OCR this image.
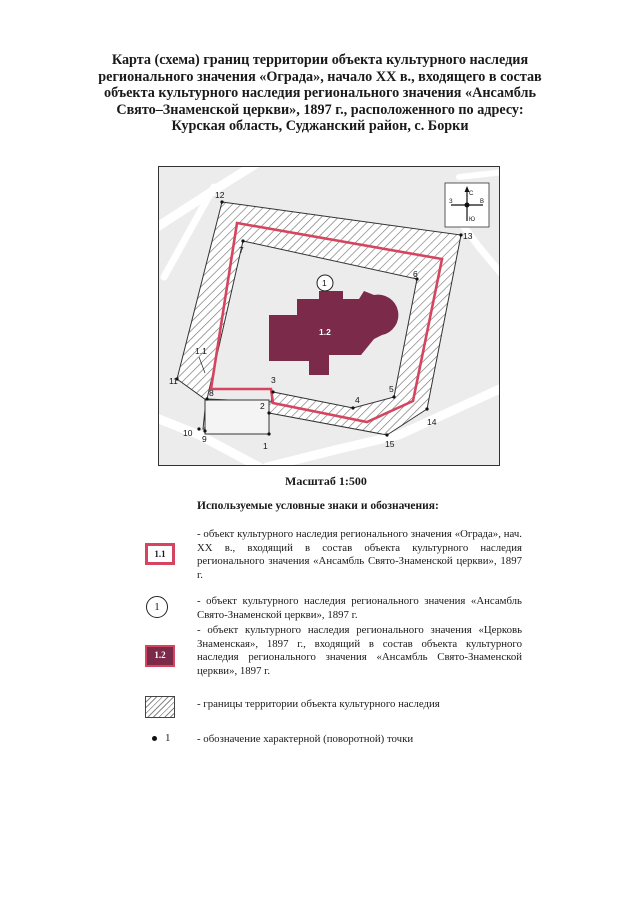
Карта (схема) границ территории объекта культурного наследия
регионального значения «Ограда», начало XX в., входящего в состав
объекта культурного наследия регионального значения «Ансамбль
Свято–Знаменской церкви», 1897 г., расположенного по адресу:
Курская область, Суджанский район, с. Борки
1.2
1
1.1
1
2
3
4
5
6
7
8
9
10
11
12
13
14
15
С
Ю
З	В
Масштаб 1:500
Используемые условные знаки и обозначения:
1.1
- объект культурного наследия регионального значения «Ограда», нач. XX в., входящий в состав объекта культурного наследия регионального значения «Ансамбль Свято-Знаменской церкви», 1897 г.
1	- объект культурного наследия регионального значения «Ансамбль Свято-Знаменской церкви», 1897 г.
1.2
- объект культурного наследия регионального значения «Церковь Знаменская», 1897 г., входящий в состав объекта культурного наследия регионального значения «Ансамбль Свято-Знаменской церкви», 1897 г.
- границы территории объекта культурного наследия
1 - обозначение характерной (поворотной) точки
